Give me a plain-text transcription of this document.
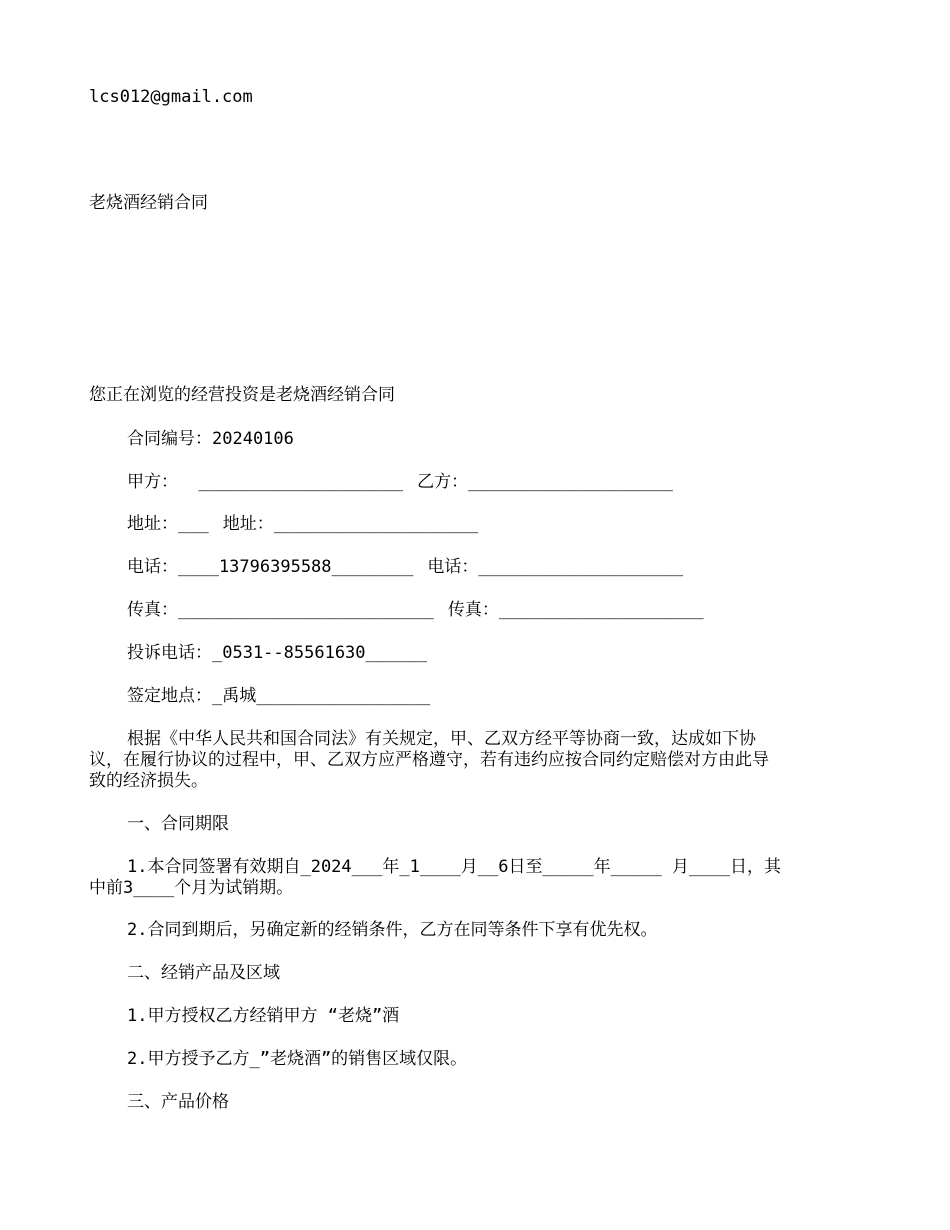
lcs012@gmail.com
老烧酒经销合同
您正在浏览的经营投资是老烧酒经销合同
合同编号：20240106
甲方：  ____________________ 乙方：____________________
地址：___ 地址：____________________
电话：____13796395588________ 电话：____________________
传真：_________________________ 传真：____________________
投诉电话：_0531--85561630______
签定地点：_禹城_________________
根据《中华人民共和国合同法》有关规定，甲、乙双方经平等协商一致，达成如下协议，在履行协议的过程中，甲、乙双方应严格遵守，若有违约应按合同约定赔偿对方由此导致的经济损失。
一、合同期限
1.本合同签署有效期自_2024___年_1____月__6日至_____年_____ 月____日，其中前3____个月为试销期。
2.合同到期后，另确定新的经销条件，乙方在同等条件下享有优先权。
二、经销产品及区域
1.甲方授权乙方经销甲方 “老烧”酒
2.甲方授予乙方_”老烧酒”的销售区域仅限。
三、产品价格
